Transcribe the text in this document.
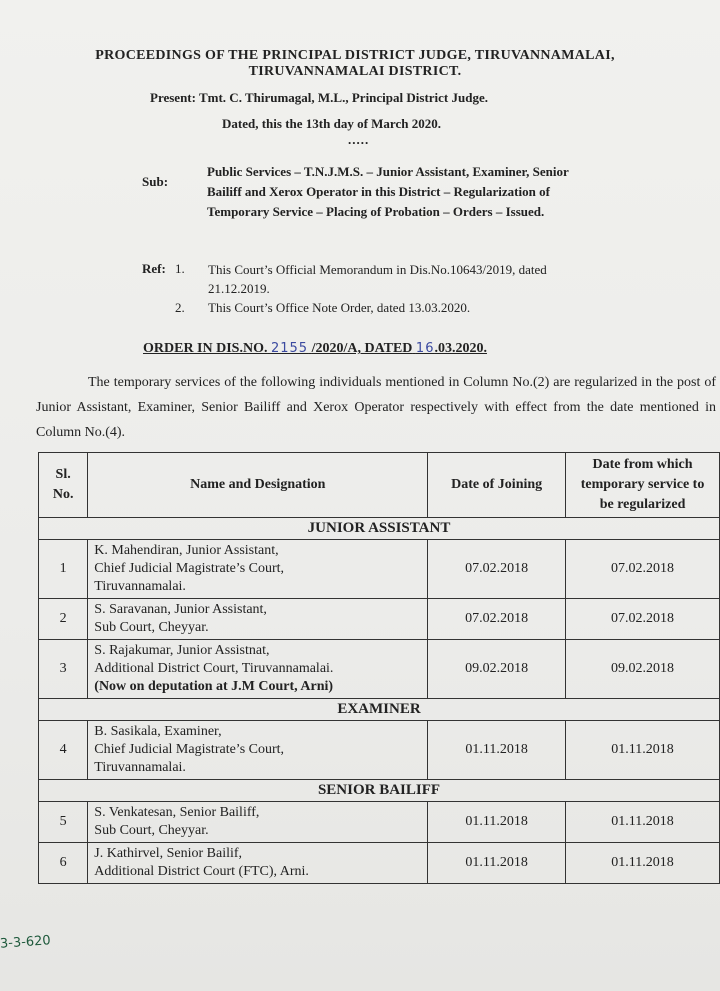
PROCEEDINGS OF THE PRINCIPAL DISTRICT JUDGE, TIRUVANNAMALAI,
TIRUVANNAMALAI DISTRICT.
Present: Tmt. C. Thirumagal, M.L., Principal District Judge.
Dated, this the 13th day of March 2020.
.....
Sub:
Public Services – T.N.J.M.S. – Junior Assistant, Examiner, Senior Bailiff and Xerox Operator in this District – Regularization of Temporary Service – Placing of Probation – Orders – Issued.
Ref: 1. This Court’s Official Memorandum in Dis.No.10643/2019, dated 21.12.2019.
2. This Court’s Office Note Order, dated 13.03.2020.
ORDER IN DIS.NO. 2155 /2020/A, DATED 16.03.2020.

The temporary services of the following individuals mentioned in Column No.(2) are regularized in the post of Junior Assistant, Examiner, Senior Bailiff and Xerox Operator respectively with effect from the date mentioned in Column No.(4).

Sl. No.	Name and Designation	Date of Joining	Date from which temporary service to be regularized
JUNIOR ASSISTANT			
1	K. Mahendiran, Junior Assistant,
Chief Judicial Magistrate’s Court,
Tiruvannamalai.	07.02.2018	07.02.2018
2	S. Saravanan, Junior Assistant,
Sub Court, Cheyyar.	07.02.2018	07.02.2018
3	S. Rajakumar, Junior Assistnat,
Additional District Court, Tiruvannamalai.
(Now on deputation at J.M Court, Arni)	09.02.2018	09.02.2018
EXAMINER			
4	B. Sasikala, Examiner,
Chief Judicial Magistrate’s Court,
Tiruvannamalai.	01.11.2018	01.11.2018
SENIOR BAILIFF			
5	S. Venkatesan, Senior Bailiff,
Sub Court, Cheyyar.	01.11.2018	01.11.2018
6	J. Kathirvel, Senior Bailif,
Additional District Court (FTC), Arni.	01.11.2018	01.11.2018
3-3-620
